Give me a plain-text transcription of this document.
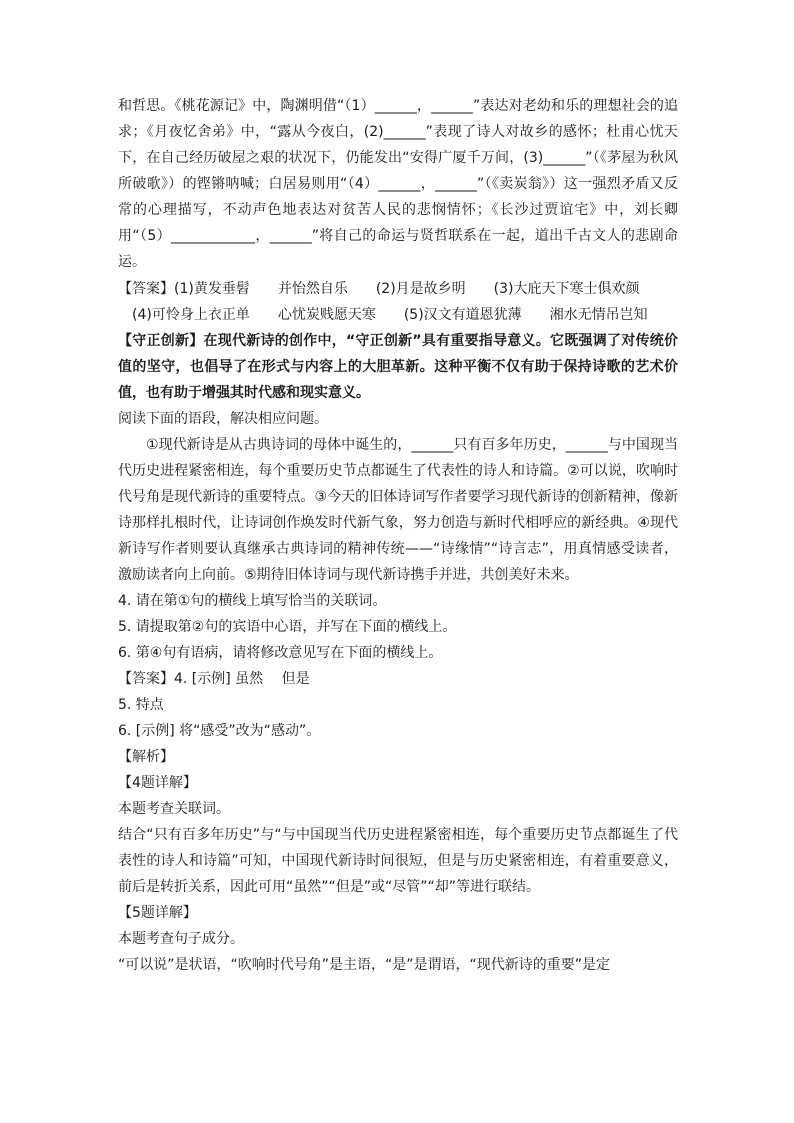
和哲思。《桃花源记》中，陶渊明借“（1）______，______”表达对老幼和乐的理想社会的追求；《月夜忆舍弟》中，“露从今夜白，(2)______”表现了诗人对故乡的感怀；杜甫心忧天下，在自己经历破屋之艰的状况下，仍能发出“安得广厦千万间，(3)______”（《茅屋为秋风所破歌》）的铿锵呐喊；白居易则用“（4）______，______”（《卖炭翁》）这一强烈矛盾又反常的心理描写，不动声色地表达对贫苦人民的悲悯情怀；《长沙过贾谊宅》中，刘长卿用“（5）____________，______”将自己的命运与贤哲联系在一起，道出千古文人的悲剧命运。

【答案】(1)黄发垂髫　　并怡然自乐　　(2)月是故乡明　　(3)大庇天下寒士俱欢颜

(4)可怜身上衣正单　　心忧炭贱愿天寒　　(5)汉文有道恩犹薄　　湘水无情吊岂知

【守正创新】在现代新诗的创作中，“守正创新”具有重要指导意义。它既强调了对传统价值的坚守，也倡导了在形式与内容上的大胆革新。这种平衡不仅有助于保持诗歌的艺术价值，也有助于增强其时代感和现实意义。

阅读下面的语段，解决相应问题。

①现代新诗是从古典诗词的母体中诞生的，______只有百多年历史，______与中国现当代历史进程紧密相连，每个重要历史节点都诞生了代表性的诗人和诗篇。②可以说，吹响时代号角是现代新诗的重要特点。③今天的旧体诗词写作者要学习现代新诗的创新精神，像新诗那样扎根时代，让诗词创作焕发时代新气象，努力创造与新时代相呼应的新经典。④现代新诗写作者则要认真继承古典诗词的精神传统——“诗缘情”“诗言志”，用真情感受读者，激励读者向上向前。⑤期待旧体诗词与现代新诗携手并进，共创美好未来。

4. 请在第①句的横线上填写恰当的关联词。

5. 请提取第②句的宾语中心语，并写在下面的横线上。

6. 第④句有语病，请将修改意见写在下面的横线上。

【答案】4. [示例] 虽然　 但是

5. 特点

6. [示例] 将“感受”改为“感动”。

【解析】

【4题详解】

本题考查关联词。

结合“只有百多年历史”与“与中国现当代历史进程紧密相连，每个重要历史节点都诞生了代表性的诗人和诗篇”可知，中国现代新诗时间很短，但是与历史紧密相连，有着重要意义，前后是转折关系，因此可用“虽然”“但是”或“尽管”“却”等进行联结。

【5题详解】

本题考查句子成分。

“可以说”是状语，“吹响时代号角”是主语，“是”是谓语，“现代新诗的重要”是定
